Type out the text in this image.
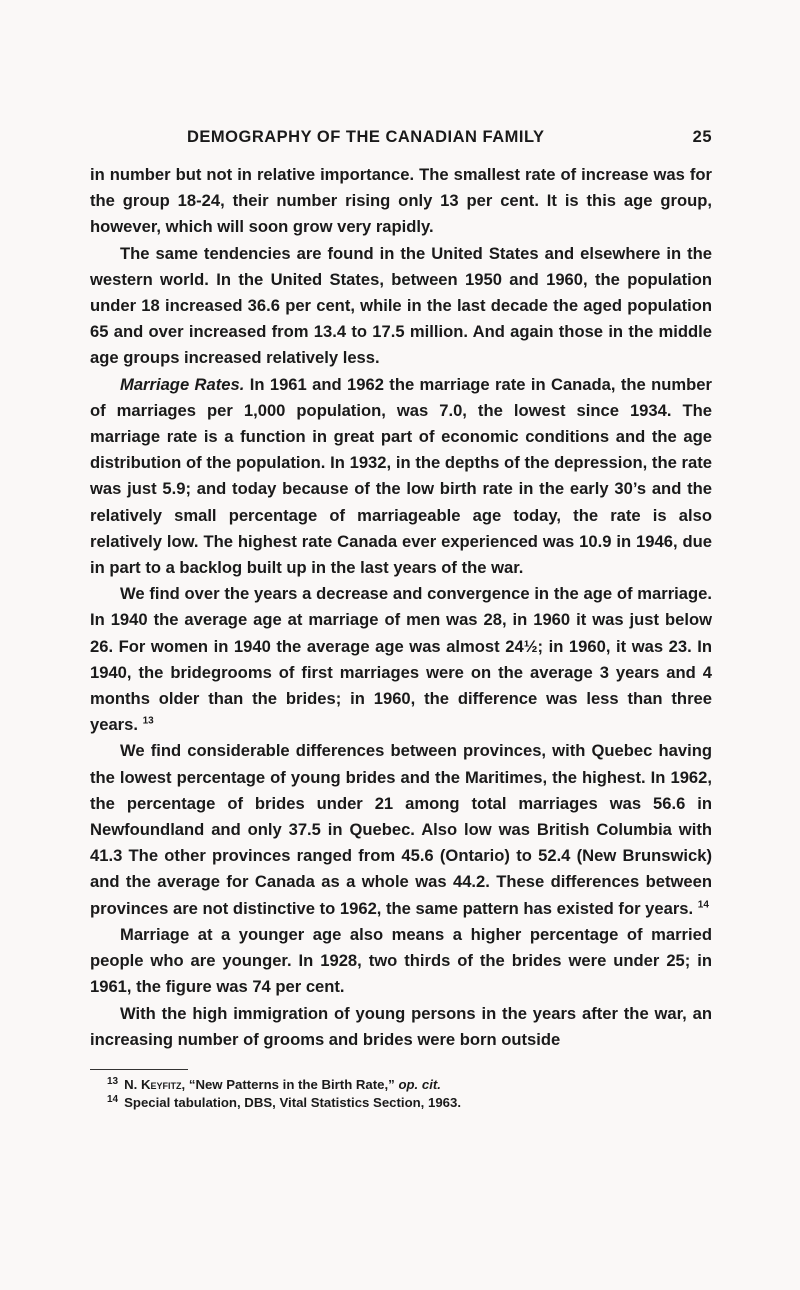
DEMOGRAPHY OF THE CANADIAN FAMILY	25

in number but not in relative importance. The smallest rate of increase was for the group 18-24, their number rising only 13 per cent. It is this age group, however, which will soon grow very rapidly.

The same tendencies are found in the United States and elsewhere in the western world. In the United States, between 1950 and 1960, the population under 18 increased 36.6 per cent, while in the last decade the aged population 65 and over increased from 13.4 to 17.5 million. And again those in the middle age groups increased relatively less.

Marriage Rates. In 1961 and 1962 the marriage rate in Canada, the number of marriages per 1,000 population, was 7.0, the lowest since 1934. The marriage rate is a function in great part of economic conditions and the age distribution of the population. In 1932, in the depths of the depression, the rate was just 5.9; and today because of the low birth rate in the early 30’s and the relatively small percentage of marriageable age today, the rate is also relatively low. The highest rate Canada ever experienced was 10.9 in 1946, due in part to a backlog built up in the last years of the war.

We find over the years a decrease and convergence in the age of marriage. In 1940 the average age at marriage of men was 28, in 1960 it was just below 26. For women in 1940 the average age was almost 24½; in 1960, it was 23. In 1940, the bridegrooms of first marriages were on the average 3 years and 4 months older than the brides; in 1960, the difference was less than three years. $^{13}$

We find considerable differences between provinces, with Quebec having the lowest percentage of young brides and the Maritimes, the highest. In 1962, the percentage of brides under 21 among total marriages was 56.6 in Newfoundland and only 37.5 in Quebec. Also low was British Columbia with 41.3 The other provinces ranged from 45.6 (Ontario) to 52.4 (New Brunswick) and the average for Canada as a whole was 44.2. These differences between provinces are not distinctive to 1962, the same pattern has existed for years. $^{14}$

Marriage at a younger age also means a higher percentage of married people who are younger. In 1928, two thirds of the brides were under 25; in 1961, the figure was 74 per cent.

With the high immigration of young persons in the years after the war, an increasing number of grooms and brides were born outside

$^{13}$ N. Keyfitz, “New Patterns in the Birth Rate,” op. cit.
$^{14}$ Special tabulation, DBS, Vital Statistics Section, 1963.
